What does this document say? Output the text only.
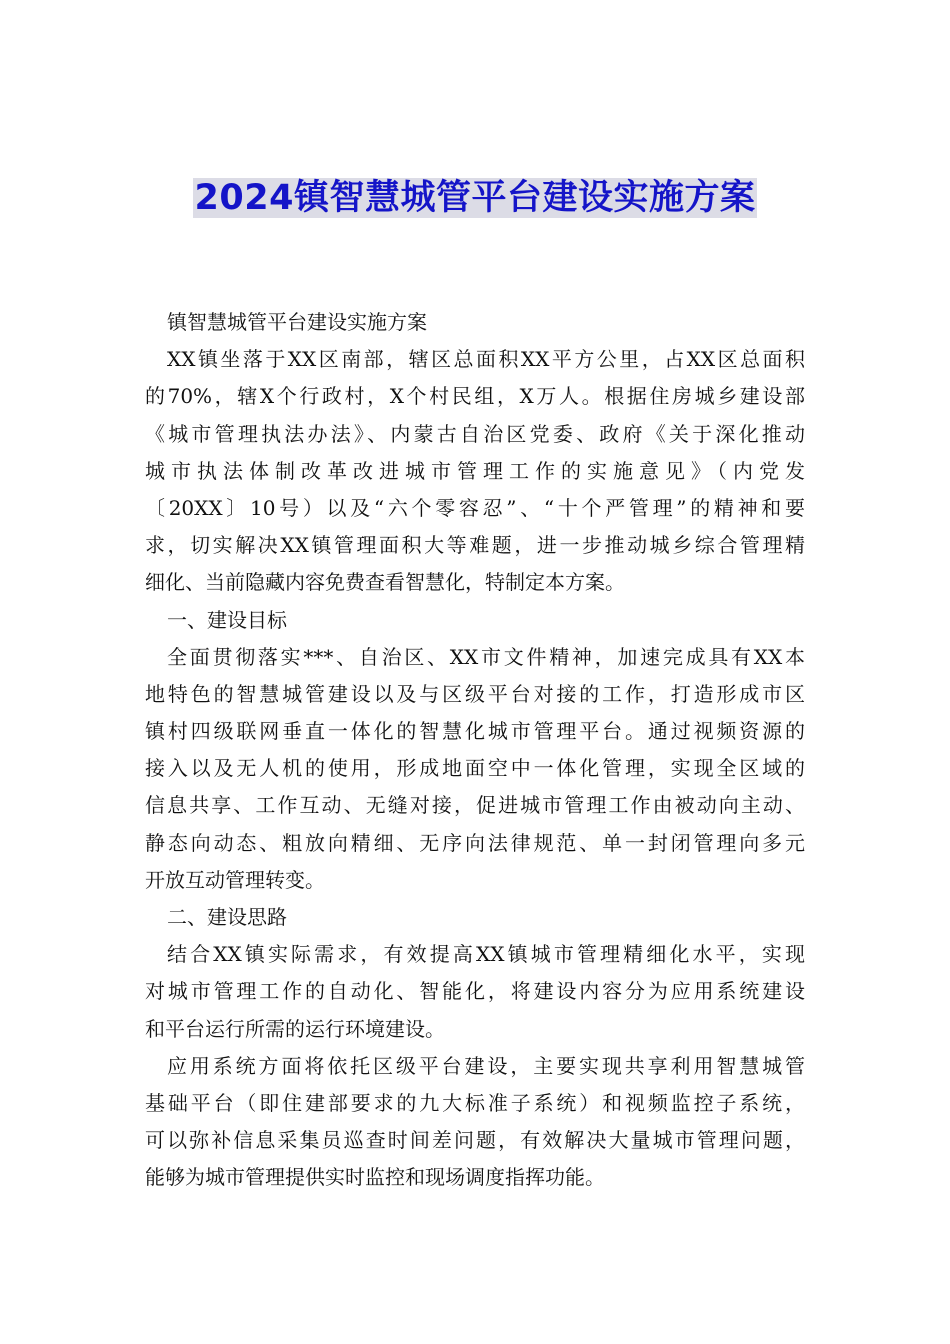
2024镇智慧城管平台建设实施方案
镇智慧城管平台建设实施方案
XX镇坐落于XX区南部，辖区总面积XX平方公里，占XX区总面积
的70%，辖X个行政村，X个村民组，X万人。根据住房城乡建设部
《城市管理执法办法》、内蒙古自治区党委、政府《关于深化推动
城市执法体制改革改进城市管理工作的实施意见》（内党发
〔20XX〕10号）以及“六个零容忍”、“十个严管理”的精神和要
求，切实解决XX镇管理面积大等难题，进一步推动城乡综合管理精
细化、当前隐藏内容免费查看智慧化，特制定本方案。
一、建设目标
全面贯彻落实***、自治区、XX市文件精神，加速完成具有XX本
地特色的智慧城管建设以及与区级平台对接的工作，打造形成市区
镇村四级联网垂直一体化的智慧化城市管理平台。通过视频资源的
接入以及无人机的使用，形成地面空中一体化管理，实现全区域的
信息共享、工作互动、无缝对接，促进城市管理工作由被动向主动、
静态向动态、粗放向精细、无序向法律规范、单一封闭管理向多元
开放互动管理转变。
二、建设思路
结合XX镇实际需求，有效提高XX镇城市管理精细化水平，实现
对城市管理工作的自动化、智能化，将建设内容分为应用系统建设
和平台运行所需的运行环境建设。
应用系统方面将依托区级平台建设，主要实现共享利用智慧城管
基础平台（即住建部要求的九大标准子系统）和视频监控子系统，
可以弥补信息采集员巡查时间差问题，有效解决大量城市管理问题，
能够为城市管理提供实时监控和现场调度指挥功能。
